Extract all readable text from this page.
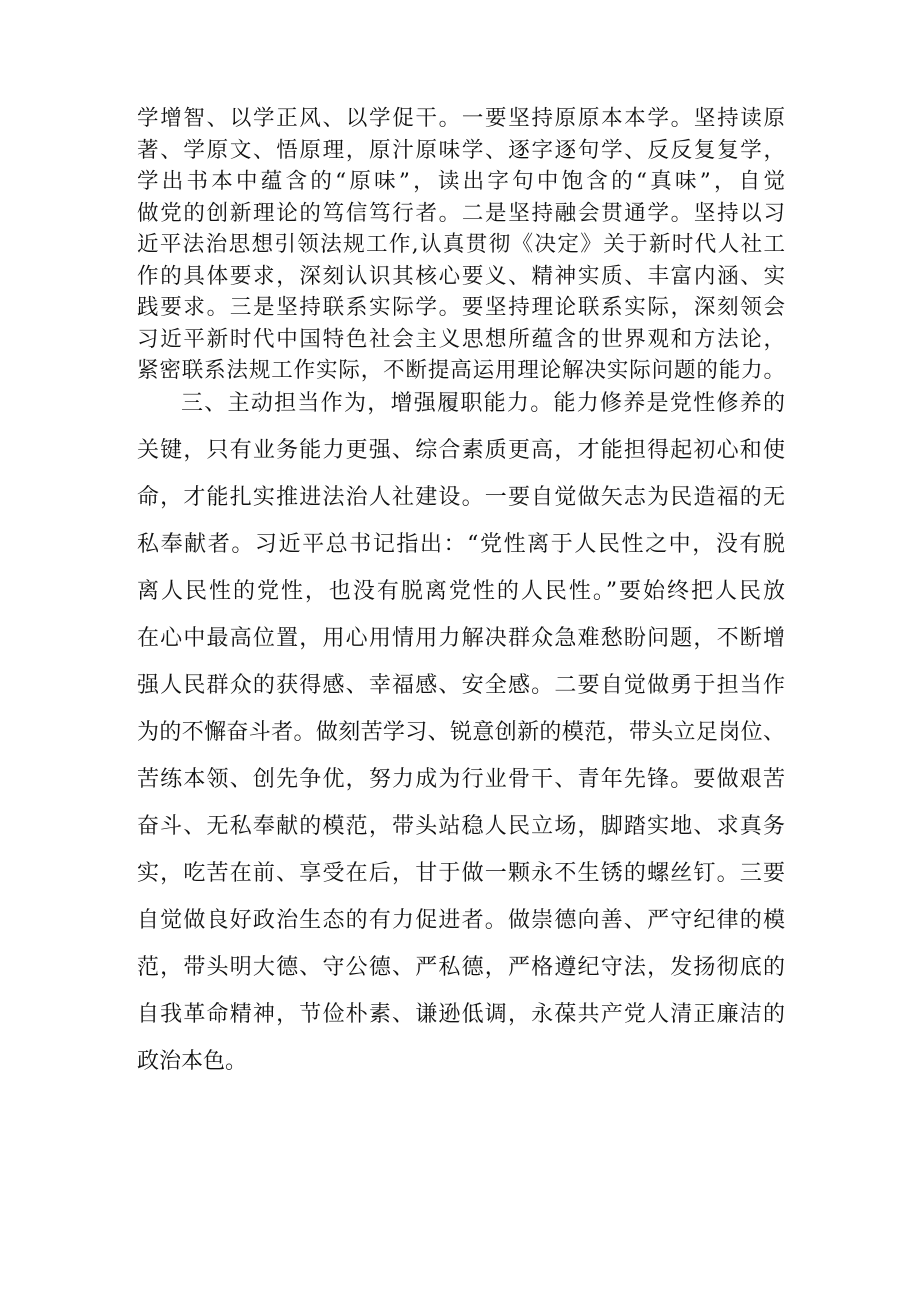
学增智、以学正风、以学促干。一要坚持原原本本学。坚持读原
著、学原文、悟原理，原汁原味学、逐字逐句学、反反复复学，
学出书本中蕴含的“原味”，读出字句中饱含的“真味”，自觉
做党的创新理论的笃信笃行者。二是坚持融会贯通学。坚持以习
近平法治思想引领法规工作,认真贯彻《决定》关于新时代人社工
作的具体要求，深刻认识其核心要义、精神实质、丰富内涵、实
践要求。三是坚持联系实际学。要坚持理论联系实际，深刻领会
习近平新时代中国特色社会主义思想所蕴含的世界观和方法论，
紧密联系法规工作实际，不断提高运用理论解决实际问题的能力。
三、主动担当作为，增强履职能力。能力修养是党性修养的
关键，只有业务能力更强、综合素质更高，才能担得起初心和使
命，才能扎实推进法治人社建设。一要自觉做矢志为民造福的无
私奉献者。习近平总书记指出：“党性离于人民性之中，没有脱
离人民性的党性，也没有脱离党性的人民性。”要始终把人民放
在心中最高位置，用心用情用力解决群众急难愁盼问题，不断增
强人民群众的获得感、幸福感、安全感。二要自觉做勇于担当作
为的不懈奋斗者。做刻苦学习、锐意创新的模范，带头立足岗位、
苦练本领、创先争优，努力成为行业骨干、青年先锋。要做艰苦
奋斗、无私奉献的模范，带头站稳人民立场，脚踏实地、求真务
实，吃苦在前、享受在后，甘于做一颗永不生锈的螺丝钉。三要
自觉做良好政治生态的有力促进者。做崇德向善、严守纪律的模
范，带头明大德、守公德、严私德，严格遵纪守法，发扬彻底的
自我革命精神，节俭朴素、谦逊低调，永葆共产党人清正廉洁的
政治本色。
